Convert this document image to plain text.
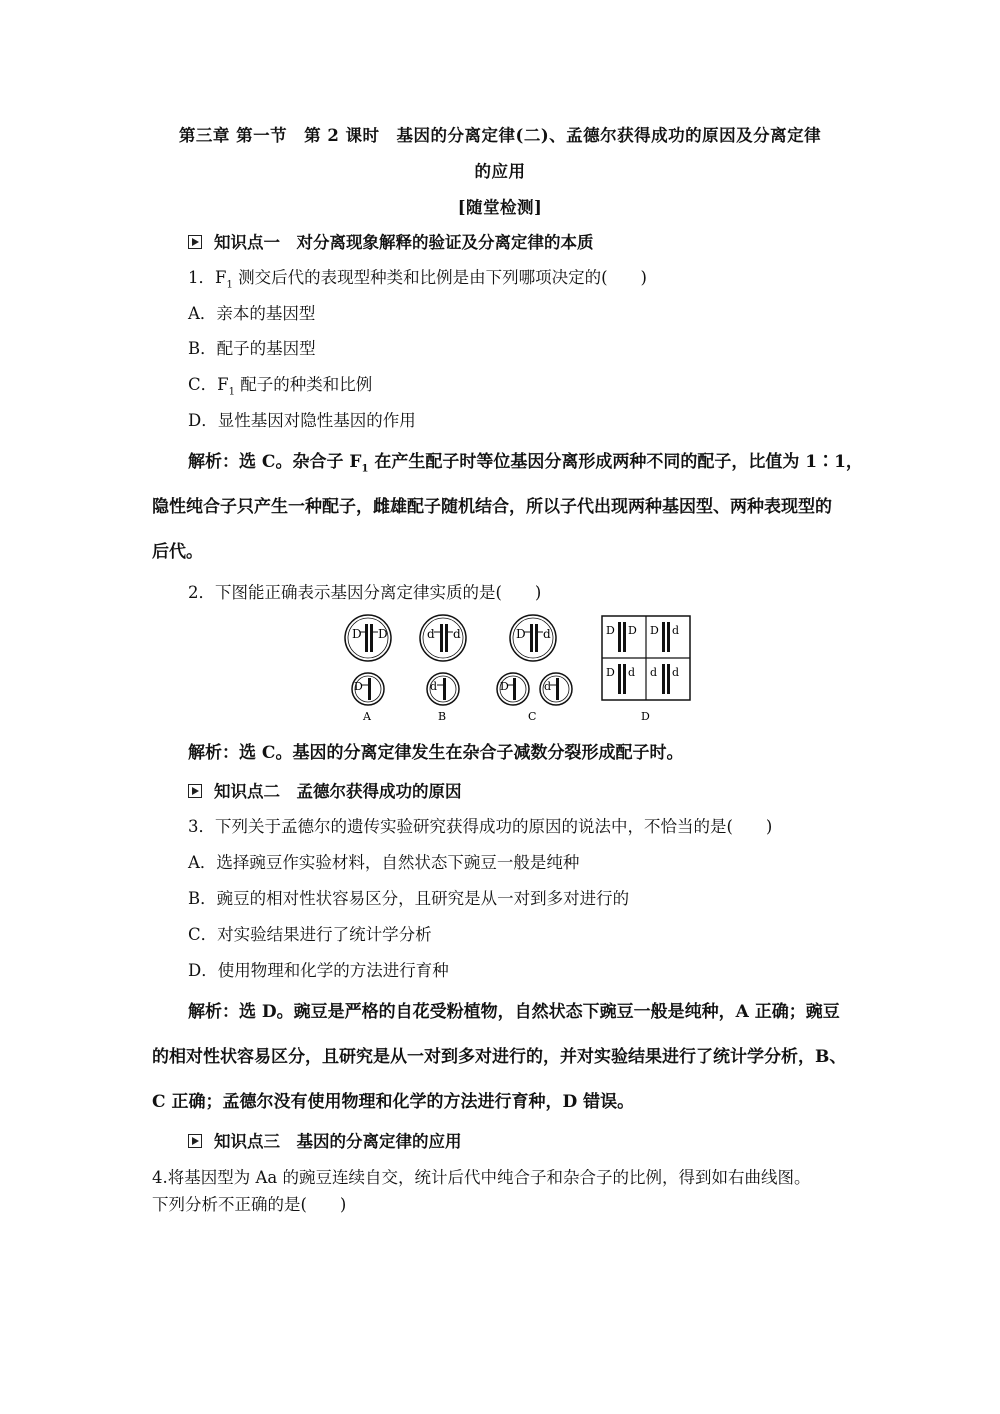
第三章 第一节　第 2 课时　基因的分离定律(二)、孟德尔获得成功的原因及分离定律
的应用
[随堂检测]
知识点一　对分离现象解释的验证及分离定律的本质
1．$F_1$ 测交后代的表现型种类和比例是由下列哪项决定的(　　)
A．亲本的基因型
B．配子的基因型
C．$F_1$ 配子的种类和比例
D．显性基因对隐性基因的作用
解析：选 C。杂合子 $F_1$ 在产生配子时等位基因分离形成两种不同的配子，比值为 1∶1，
隐性纯合子只产生一种配子，雌雄配子随机结合，所以子代出现两种基因型、两种表现型的
后代。
2．下图能正确表示基因分离定律实质的是(　　)
D D
D
A
d d
d
B
D d
D	d
C
D D D d
D d d d
D
解析：选 C。基因的分离定律发生在杂合子减数分裂形成配子时。
知识点二　孟德尔获得成功的原因
3．下列关于孟德尔的遗传实验研究获得成功的原因的说法中，不恰当的是(　　)
A．选择豌豆作实验材料，自然状态下豌豆一般是纯种
B．豌豆的相对性状容易区分，且研究是从一对到多对进行的
C．对实验结果进行了统计学分析
D．使用物理和化学的方法进行育种
解析：选 D。豌豆是严格的自花受粉植物，自然状态下豌豆一般是纯种，A 正确；豌豆
的相对性状容易区分，且研究是从一对到多对进行的，并对实验结果进行了统计学分析，B、
C 正确；孟德尔没有使用物理和化学的方法进行育种，D 错误。
知识点三　基因的分离定律的应用
4.将基因型为 Aa 的豌豆连续自交，统计后代中纯合子和杂合子的比例，得到如右曲线图。
下列分析不正确的是(　　)
